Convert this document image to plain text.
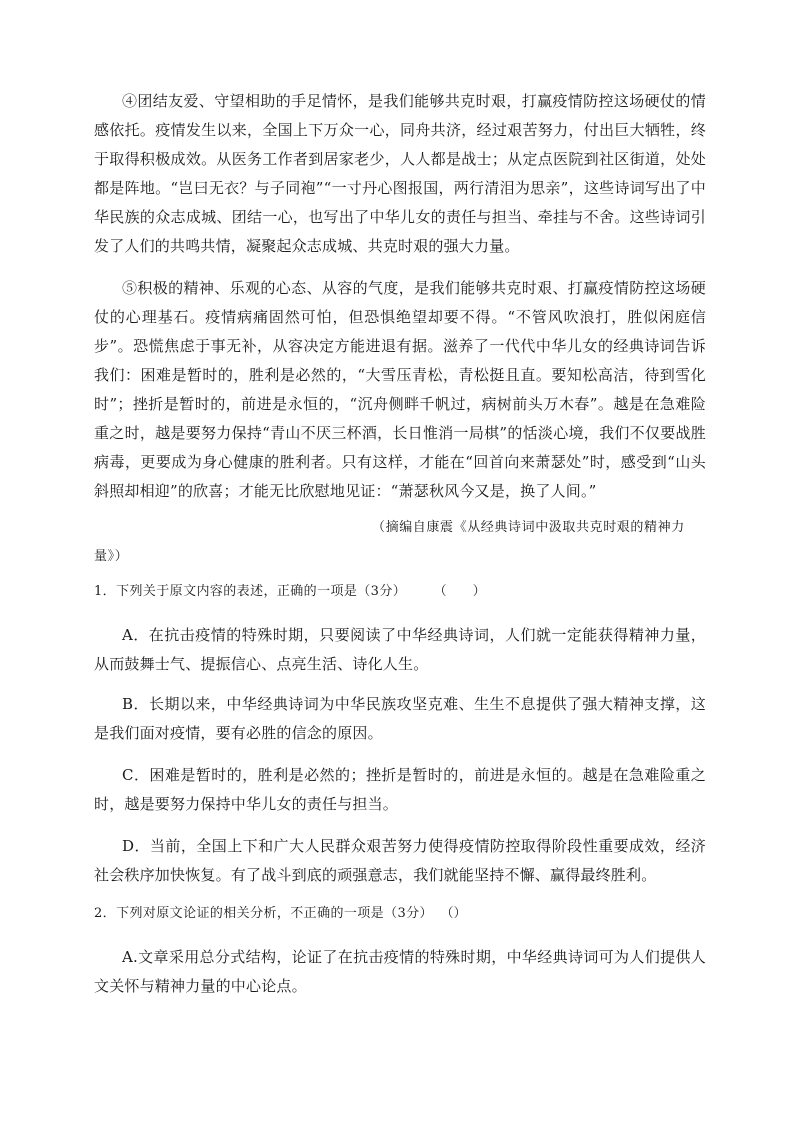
④团结友爱、守望相助的手足情怀，是我们能够共克时艰，打赢疫情防控这场硬仗的情感依托。疫情发生以来，全国上下万众一心，同舟共济，经过艰苦努力，付出巨大牺牲，终于取得积极成效。从医务工作者到居家老少，人人都是战士；从定点医院到社区街道，处处都是阵地。“岂曰无衣？与子同袍”“一寸丹心图报国，两行清泪为思亲”，这些诗词写出了中华民族的众志成城、团结一心，也写出了中华儿女的责任与担当、牵挂与不舍。这些诗词引发了人们的共鸣共情，凝聚起众志成城、共克时艰的强大力量。

⑤积极的精神、乐观的心态、从容的气度，是我们能够共克时艰、打赢疫情防控这场硬仗的心理基石。疫情病痛固然可怕，但恐惧绝望却要不得。“不管风吹浪打，胜似闲庭信步”。恐慌焦虑于事无补，从容决定方能进退有据。滋养了一代代中华儿女的经典诗词告诉我们：困难是暂时的，胜利是必然的，“大雪压青松，青松挺且直。要知松高洁，待到雪化时”；挫折是暂时的，前进是永恒的，“沉舟侧畔千帆过，病树前头万木春”。越是在急难险重之时，越是要努力保持“青山不厌三杯酒，长日惟消一局棋”的恬淡心境，我们不仅要战胜病毒，更要成为身心健康的胜利者。只有这样，才能在“回首向来萧瑟处”时，感受到“山头斜照却相迎”的欣喜；才能无比欣慰地见证：“萧瑟秋风今又是，换了人间。”

（摘编自康震《从经典诗词中汲取共克时艰的精神力量》）

1．下列关于原文内容的表述，正确的一项是（3分）	（　　）

A．在抗击疫情的特殊时期，只要阅读了中华经典诗词，人们就一定能获得精神力量，从而鼓舞士气、提振信心、点亮生活、诗化人生。

B．长期以来，中华经典诗词为中华民族攻坚克难、生生不息提供了强大精神支撑，这是我们面对疫情，要有必胜的信念的原因。

C．困难是暂时的，胜利是必然的；挫折是暂时的，前进是永恒的。越是在急难险重之时，越是要努力保持中华儿女的责任与担当。

D．当前，全国上下和广大人民群众艰苦努力使得疫情防控取得阶段性重要成效，经济社会秩序加快恢复。有了战斗到底的顽强意志，我们就能坚持不懈、赢得最终胜利。

2．下列对原文论证的相关分析，不正确的一项是（3分） （）

A.文章采用总分式结构，论证了在抗击疫情的特殊时期，中华经典诗词可为人们提供人文关怀与精神力量的中心论点。
